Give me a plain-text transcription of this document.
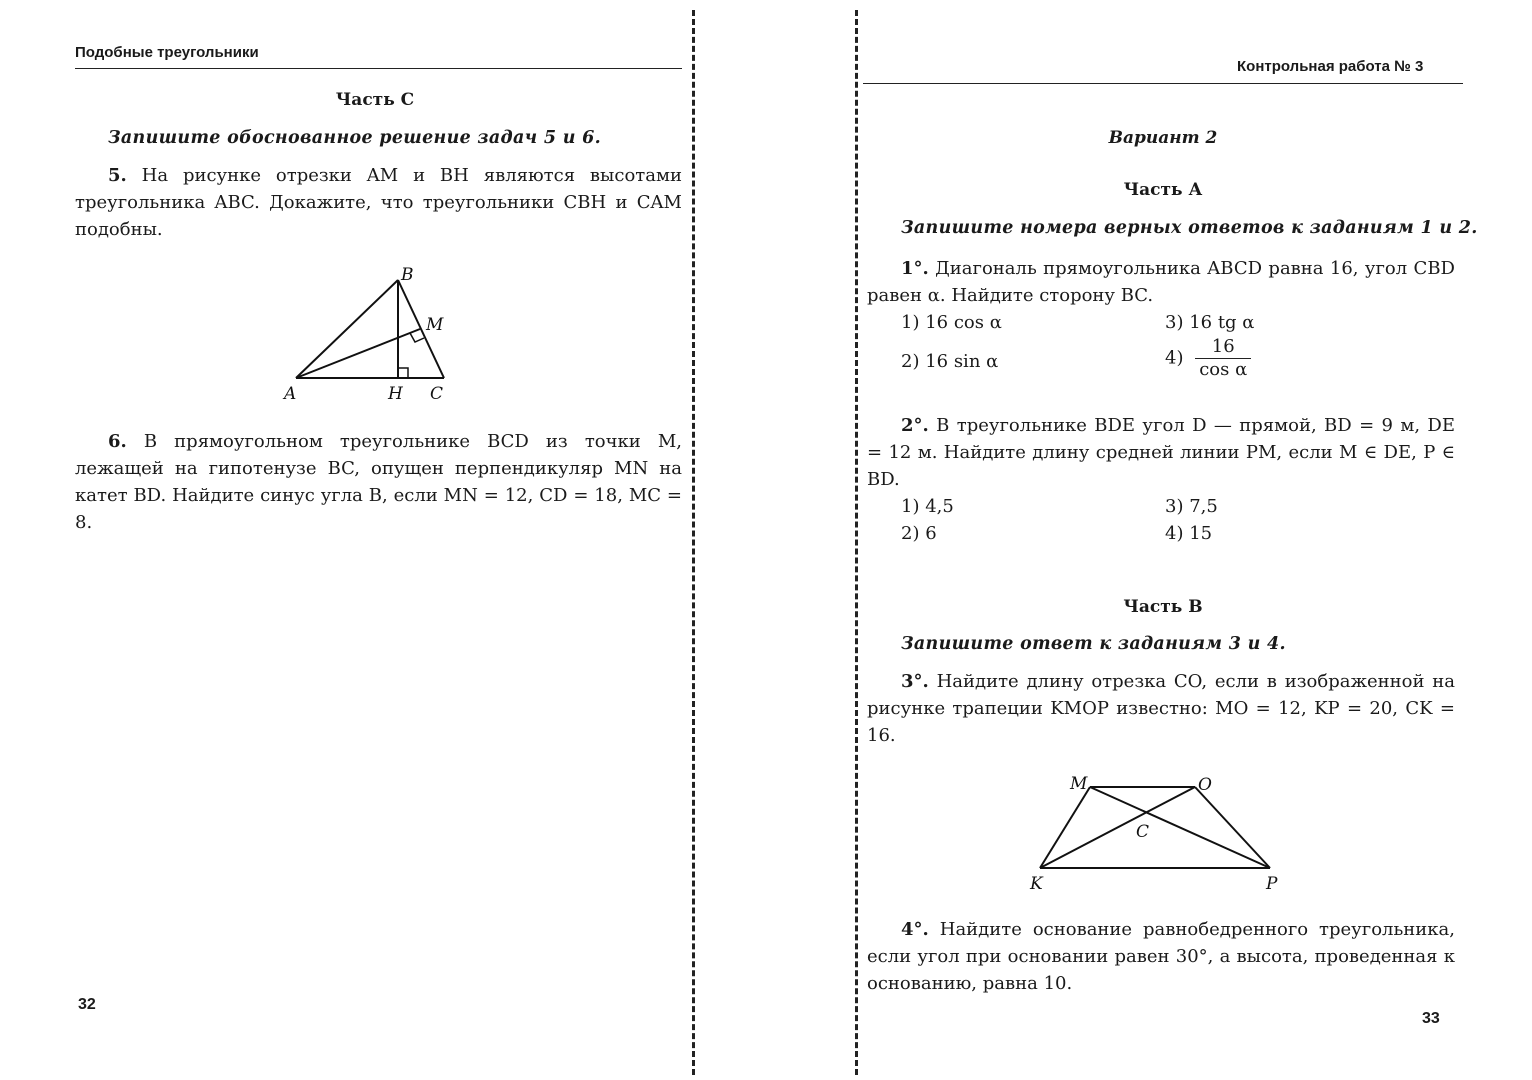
Подобные треугольники
Часть С
Запишите обоснованное решение задач 5 и 6.
5. На рисунке отрезки AM и BH являются высотами треугольника ABC. Докажите, что треугольники CBH и CAM подобны.
A
B
C
H
M
6. В прямоугольном треугольнике BCD из точки M, лежащей на гипотенузе BC, опущен перпендикуляр MN на катет BD. Найдите синус угла B, если MN = 12, CD = 18, MC = 8.
32
Контрольная работа № 3
Вариант 2
Часть А
Запишите номера верных ответов к заданиям 1 и 2.
1°. Диагональ прямоугольника ABCD равна 16, угол CBD равен α. Найдите сторону BC.
1) 16 cos α	3) 16 tg α
2) 16 sin α	$4) \frac{16}{\text{cos α}}$
2°. В треугольнике BDE угол D — прямой, BD = 9 м, DE = 12 м. Найдите длину средней линии PM, если M ∈ DE, P ∈ BD.
1) 4,5	3) 7,5
2) 6	4) 15
Часть В
Запишите ответ к заданиям 3 и 4.
3°. Найдите длину отрезка CO, если в изображенной на рисунке трапеции KMOP известно: MO = 12, KP = 20, CK = 16.
M	O
C
K	P
4°. Найдите основание равнобедренного треугольника, если угол при основании равен 30°, а высота, проведенная к основанию, равна 10.
33
